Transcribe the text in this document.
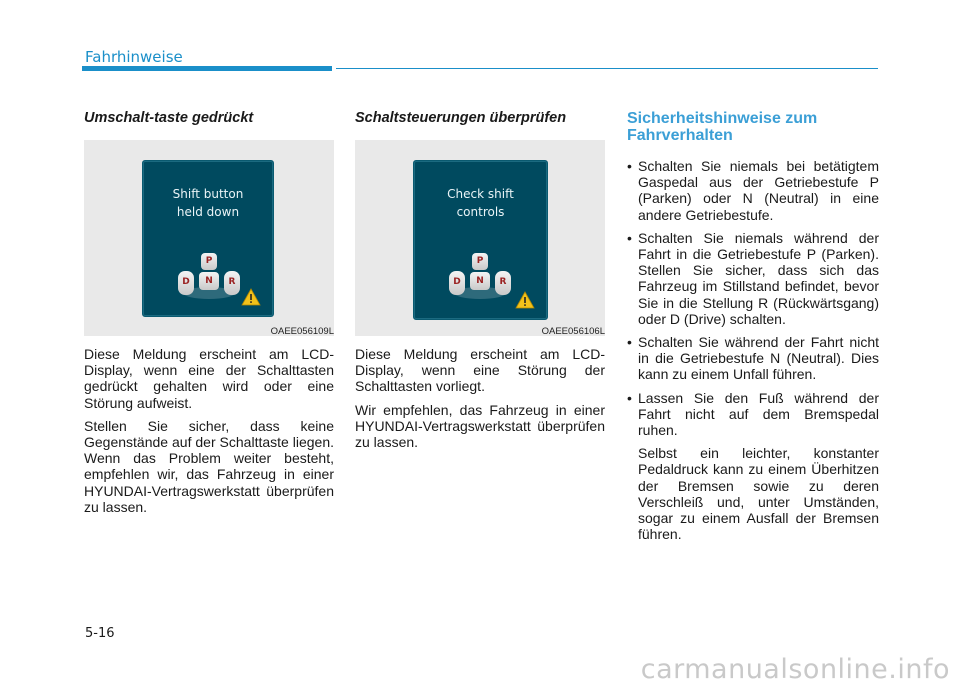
Fahrhinweise
Umschalt-taste gedrückt
Shift button
held down
P
D	N	R
OAEE056109L

Diese Meldung erscheint am LCD-Display, wenn eine der Schalttasten gedrückt gehalten wird oder eine Störung aufweist.

Stellen Sie sicher, dass keine Gegenstände auf der Schalttaste liegen. Wenn das Problem weiter besteht, empfehlen wir, das Fahrzeug in einer HYUNDAI-Vertragswerkstatt überprüfen zu lassen.

Schaltsteuerungen überprüfen
Check shift
controls
P
D	N	R
OAEE056106L

Diese Meldung erscheint am LCD-Display, wenn eine Störung der Schalttasten vorliegt.

Wir empfehlen, das Fahrzeug in einer HYUNDAI-Vertragswerkstatt überprüfen zu lassen.

Sicherheitshinweise zum Fahrverhalten
• Schalten Sie niemals bei betätigtem Gaspedal aus der Getriebestufe P (Parken) oder N (Neutral) in eine andere Getriebestufe.
• Schalten Sie niemals während der Fahrt in die Getriebestufe P (Parken). Stellen Sie sicher, dass sich das Fahrzeug im Stillstand befindet, bevor Sie in die Stellung R (Rückwärtsgang) oder D (Drive) schalten.
• Schalten Sie während der Fahrt nicht in die Getriebestufe N (Neutral). Dies kann zu einem Unfall führen.
• Lassen Sie den Fuß während der Fahrt nicht auf dem Bremspedal ruhen.
Selbst ein leichter, konstanter Pedaldruck kann zu einem Überhitzen der Bremsen sowie zu deren Verschleiß und, unter Umständen, sogar zu einem Ausfall der Bremsen führen.
5-16
carmanualsonline.info
